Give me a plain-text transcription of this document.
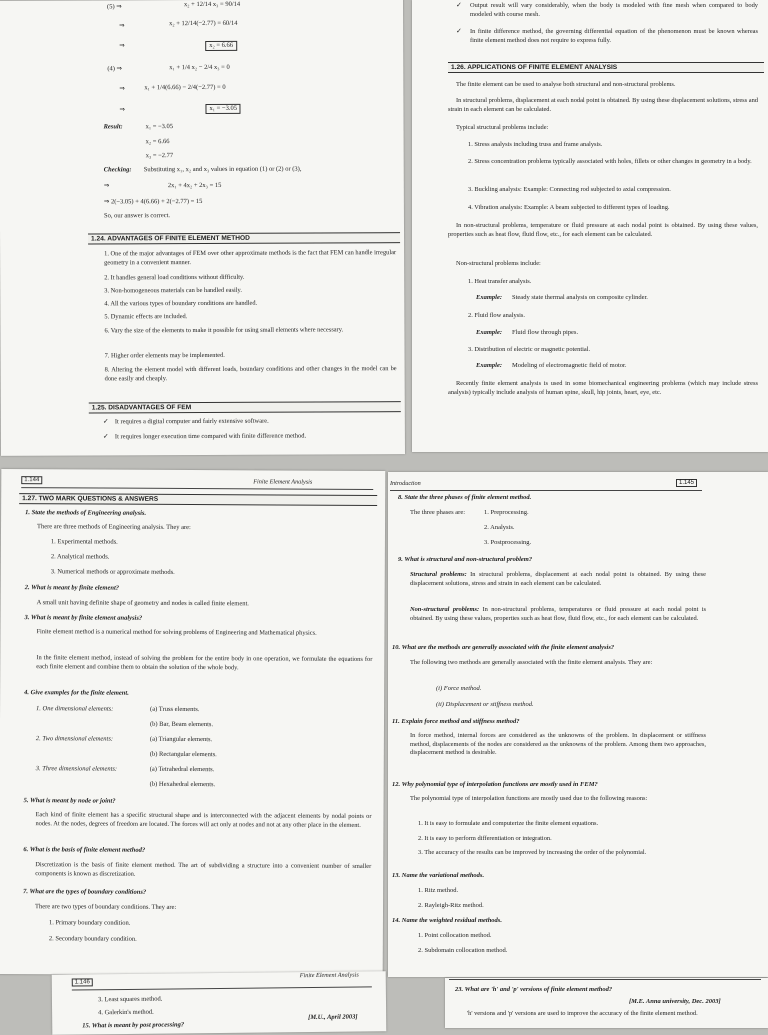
(5) ⇒	x₂ + 12/14 x₃ = 90/14
⇒	x₂ + 12/14(−2.77) = 60/14
⇒	x₂ = 6.66
(4) ⇒	x₁ + 1/4 x₂ − 2/4 x₃ = 0
⇒	x₁ + 1/4(6.66) − 2/4(−2.77) = 0
⇒	x₁ = −3.05
Result:	x₁ = −3.05
x₂ = 6.66
x₃ = −2.77
Checking: Substituting x₁, x₂ and x₃ values in equation (1) or (2) or (3),
⇒	2x₁ + 4x₂ + 2x₃ = 15
⇒ 2(−3.05) + 4(6.66) + 2(−2.77) = 15
So, our answer is correct.
1.24. ADVANTAGES OF FINITE ELEMENT METHOD
1. One of the major advantages of FEM over other approximate methods is the fact that FEM can handle irregular geometry in a convenient manner.
2. It handles general load conditions without difficulty.
3. Non-homogeneous materials can be handled easily.
4. All the various types of boundary conditions are handled.
5. Dynamic effects are included.
6. Vary the size of the elements to make it possible for using small elements where necessary.
7. Higher order elements may be implemented.
8. Altering the element model with different loads, boundary conditions and other changes in the model can be done easily and cheaply.
1.25. DISADVANTAGES OF FEM
✓ It requires a digital computer and fairly extensive software.
✓ It requires longer execution time compared with finite difference method.
✓ Output result will vary considerably, when the body is modeled with fine mesh when compared to body modeled with course mesh.
✓ In finite difference method, the governing differential equation of the phenomenon must be known whereas finite element method does not require to express fully.
1.26. APPLICATIONS OF FINITE ELEMENT ANALYSIS
The finite element can be used to analyse both structural and non-structural problems.
In structural problems, displacement at each nodal point is obtained. By using these displacement solutions, stress and strain in each element can be calculated.
Typical structural problems include:
1. Stress analysis including truss and frame analysis.
2. Stress concentration problems typically associated with holes, fillets or other changes in geometry in a body.
3. Buckling analysis: Example: Connecting rod subjected to axial compression.
4. Vibration analysis: Example: A beam subjected to different types of loading.
In non-structural problems, temperature or fluid pressure at each nodal point is obtained. By using these values, properties such as heat flow, fluid flow, etc., for each element can be calculated.
Non-structural problems include:
1. Heat transfer analysis.
Example: Steady state thermal analysis on composite cylinder.
2. Fluid flow analysis.
Example: Fluid flow through pipes.
3. Distribution of electric or magnetic potential.
Example: Modeling of electromagnetic field of motor.
Recently finite element analysis is used in some biomechanical engineering problems (which may include stress analysis) typically include analysis of human spine, skull, hip joints, heart, eye, etc.
1.144	Finite Element Analysis
1.27. TWO MARK QUESTIONS & ANSWERS
1. State the methods of Engineering analysis.
There are three methods of Engineering analysis. They are:
1. Experimental methods.
2. Analytical methods.
3. Numerical methods or approximate methods.
2. What is meant by finite element?
A small unit having definite shape of geometry and nodes is called finite element.
3. What is meant by finite element analysis?
Finite element method is a numerical method for solving problems of Engineering and Mathematical physics.
In the finite element method, instead of solving the problem for the entire body in one operation, we formulate the equations for each finite element and combine them to obtain the solution of the whole body.
4. Give examples for the finite element.
1. One dimensional elements:	(a) Truss elements.
(b) Bar, Beam elements.
2. Two dimensional elements:	(a) Triangular elements.
(b) Rectangular elements.
3. Three dimensional elements:	(a) Tetrahedral elements.
(b) Hexahedral elements.
5. What is meant by node or joint?
Each kind of finite element has a specific structural shape and is interconnected with the adjacent elements by nodal points or nodes. At the nodes, degrees of freedom are located. The forces will act only at nodes and not at any other place in the element.
6. What is the basis of finite element method?
Discretization is the basis of finite element method. The art of subdividing a structure into a convenient number of smaller components is known as discretization.
7. What are the types of boundary conditions?
There are two types of boundary conditions. They are:
1. Primary boundary condition.
2. Secondary boundary condition.
Introduction	1.145
8. State the three phases of finite element method.
The three phases are:	1. Preprocessing.
2. Analysis.
3. Postprocessing.
9. What is structural and non-structural problem?
Structural problems: In structural problems, displacement at each nodal point is obtained. By using these displacement solutions, stress and strain in each element can be calculated.
Non-structural problems: In non-structural problems, temperatures or fluid pressure at each nodal point is obtained. By using these values, properties such as heat flow, fluid flow, etc., for each element can be calculated.
10. What are the methods are generally associated with the finite element analysis?
The following two methods are generally associated with the finite element analysis. They are:
(i) Force method.
(ii) Displacement or stiffness method.
11. Explain force method and stiffness method?
In force method, internal forces are considered as the unknowns of the problem. In displacement or stiffness method, displacements of the nodes are considered as the unknowns of the problem. Among them two approaches, displacement method is desirable.
12. Why polynomial type of interpolation functions are mostly used in FEM?
The polynomial type of interpolation functions are mostly used due to the following reasons:
1. It is easy to formulate and computerize the finite element equations.
2. It is easy to perform differentiation or integration.
3. The accuracy of the results can be improved by increasing the order of the polynomial.
13. Name the variational methods.
1. Ritz method.
2. Rayleigh-Ritz method.
14. Name the weighted residual methods.
1. Point collocation method.
2. Subdomain collocation method.
1.146
Finite Element Analysis
3. Least squares method.
4. Galerkin's method.
15. What is meant by post processing?
[M.U., April 2003]
23. What are 'h' and 'p' versions of finite element method?
[M.E. Anna university, Dec. 2003]
'h' versions and 'p' versions are used to improve the accuracy of the finite element method.
